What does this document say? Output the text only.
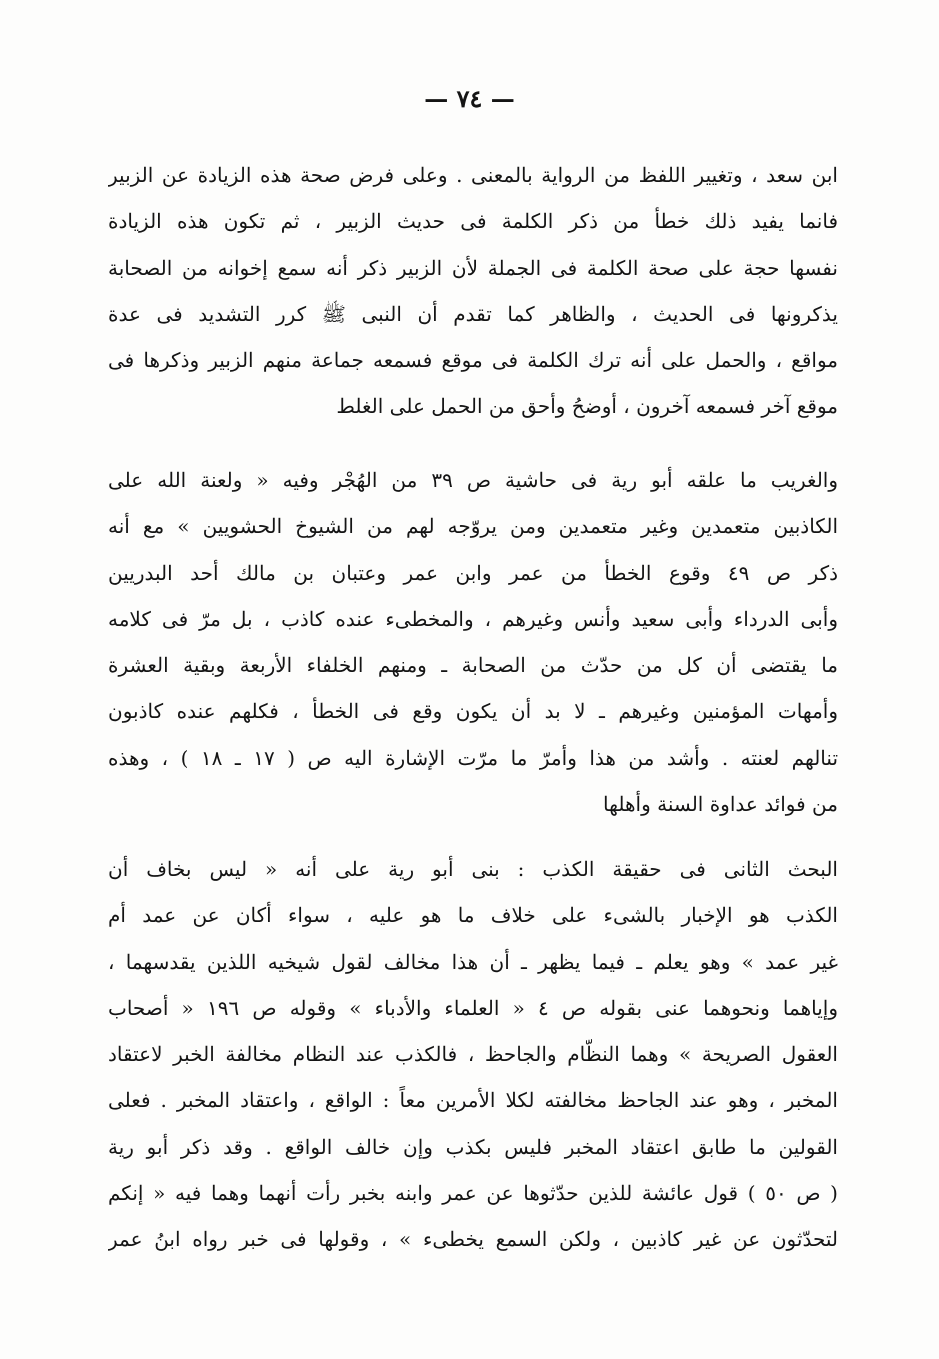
— ٧٤ —
ابن سعد ، وتغيير اللفظ من الرواية بالمعنى . وعلى فرض صحة هذه الزيادة عن الزبير
فانما يفيد ذلك خطأ من ذكر الكلمة فى حديث الزبير ، ثم تكون هذه الزيادة
نفسها حجة على صحة الكلمة فى الجملة لأن الزبير ذكر أنه سمع إخوانه من الصحابة
يذكرونها فى الحديث ، والظاهر كما تقدم أن النبى ﷺ كرر التشديد فى عدة
مواقع ، والحمل على أنه ترك الكلمة فى موقع فسمعه جماعة منهم الزبير وذكرها فى
موقع آخر فسمعه آخرون ، أوضحُ وأحق من الحمل على الغلط
والغريب ما علقه أبو رية فى حاشية ص ٣٩ من الهُجْر وفيه « ولعنة الله على
الكاذبين متعمدين وغير متعمدين ومن يروّجه لهم من الشيوخ الحشويين » مع أنه
ذكر ص ٤٩ وقوع الخطأ من عمر وابن عمر وعتبان بن مالك أحد البدريين
وأبى الدرداء وأبى سعيد وأنس وغيرهم ، والمخطىء عنده كاذب ، بل مرّ فى كلامه
ما يقتضى أن كل من حدّث من الصحابة ـ ومنهم الخلفاء الأربعة وبقية العشرة
وأمهات المؤمنين وغيرهم ـ لا بد أن يكون وقع فى الخطأ ، فكلهم عنده كاذبون
تنالهم لعنته . وأشد من هذا وأمرّ ما مرّت الإشارة اليه ص ( ١٧ ـ ١٨ ) ، وهذه
من فوائد عداوة السنة وأهلها
البحث الثانى فى حقيقة الكذب : بنى أبو رية على أنه « ليس بخاف أن
الكذب هو الإخبار بالشىء على خلاف ما هو عليه ، سواء أكان عن عمد أم
غير عمد » وهو يعلم ـ فيما يظهر ـ أن هذا مخالف لقول شيخيه اللذين يقدسهما ،
وإياهما ونحوهما عنى بقوله ص ٤ « العلماء والأدباء » وقوله ص ١٩٦ « أصحاب
العقول الصريحة » وهما النظّام والجاحظ ، فالكذب عند النظام مخالفة الخبر لاعتقاد
المخبر ، وهو عند الجاحظ مخالفته لكلا الأمرين معاً : الواقع ، واعتقاد المخبر . فعلى
القولين ما طابق اعتقاد المخبر فليس بكذب وإن خالف الواقع . وقد ذكر أبو رية
( ص ٥٠ ) قول عائشة للذين حدّثوها عن عمر وابنه بخبر رأت أنهما وهما فيه « إنكم
لتحدّثون عن غير كاذبين ، ولكن السمع يخطىء » ، وقولها فى خبر رواه ابنُ عمر
